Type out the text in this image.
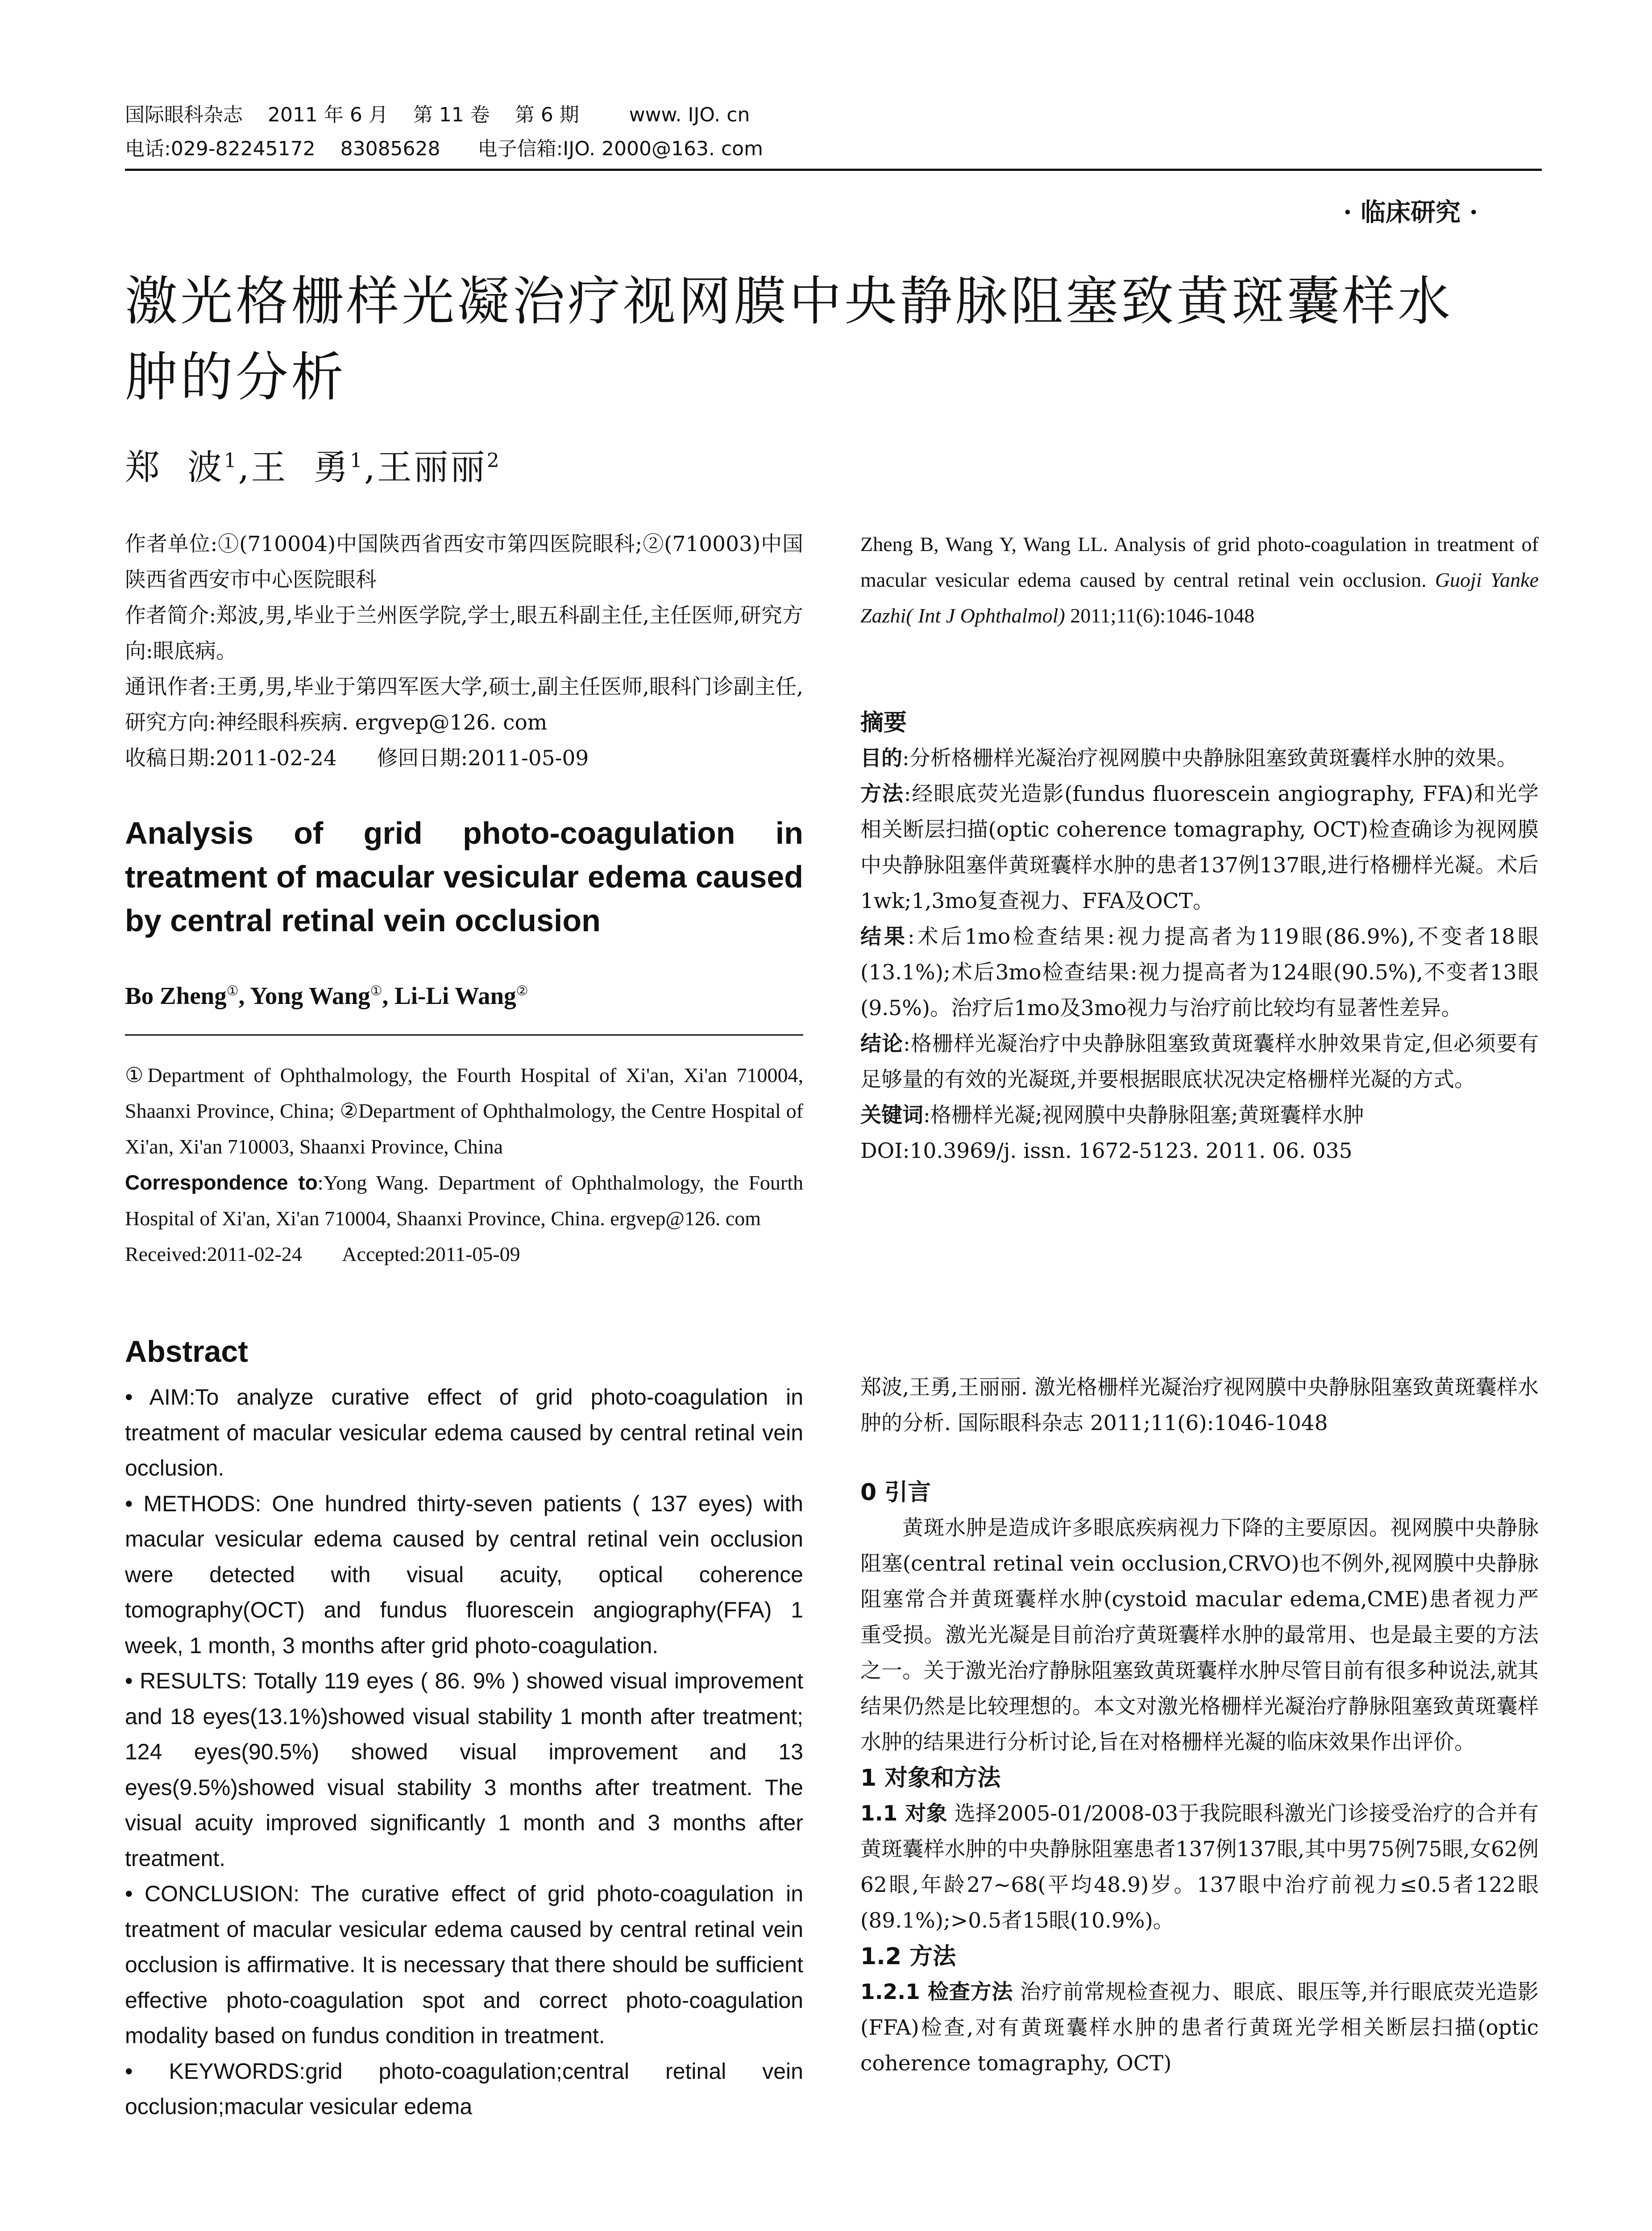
国际眼科杂志    2011 年 6 月    第 11 卷    第 6 期        www. IJO. cn
电话:029-82245172    83085628      电子信箱:IJO. 2000@163. com
· 临床研究 ·
激光格栅样光凝治疗视网膜中央静脉阻塞致黄斑囊样水
肿的分析
郑  波$^1$,王  勇$^1$,王丽丽$^2$

作者单位:①(710004)中国陕西省西安市第四医院眼科;②(710003)中国陕西省西安市中心医院眼科

作者简介:郑波,男,毕业于兰州医学院,学士,眼五科副主任,主任医师,研究方向:眼底病。

通讯作者:王勇,男,毕业于第四军医大学,硕士,副主任医师,眼科门诊副主任,研究方向:神经眼科疾病. ergvep@126. com

收稿日期:2011-02-24      修回日期:2011-05-09

Analysis of grid photo-coagulation in treatment of macular vesicular edema caused by central retinal vein occlusion
Bo Zheng①, Yong Wang①, Li-Li Wang②

①Department of Ophthalmology, the Fourth Hospital of Xi'an, Xi'an 710004, Shaanxi Province, China; ②Department of Ophthalmology, the Centre Hospital of Xi'an, Xi'an 710003, Shaanxi Province, China

Correspondence to:Yong Wang. Department of Ophthalmology, the Fourth Hospital of Xi'an, Xi'an 710004, Shaanxi Province, China. ergvep@126. com

Received:2011-02-24        Accepted:2011-05-09

Abstract

• AIM:To analyze curative effect of grid photo-coagulation in treatment of macular vesicular edema caused by central retinal vein occlusion.

• METHODS: One hundred thirty-seven patients ( 137 eyes) with macular vesicular edema caused by central retinal vein occlusion were detected with visual acuity, optical coherence tomography(OCT) and fundus fluorescein angiography(FFA) 1 week, 1 month, 3 months after grid photo-coagulation.

• RESULTS: Totally 119 eyes ( 86. 9% ) showed visual improvement and 18 eyes(13.1%)showed visual stability 1 month after treatment; 124 eyes(90.5%) showed visual improvement and 13 eyes(9.5%)showed visual stability 3 months after treatment. The visual acuity improved significantly 1 month and 3 months after treatment.

• CONCLUSION: The curative effect of grid photo-coagulation in treatment of macular vesicular edema caused by central retinal vein occlusion is affirmative. It is necessary that there should be sufficient effective photo-coagulation spot and correct photo-coagulation modality based on fundus condition in treatment.

• KEYWORDS:grid photo-coagulation;central retinal vein occlusion;macular vesicular edema

Zheng B, Wang Y, Wang LL. Analysis of grid photo-coagulation in treatment of macular vesicular edema caused by central retinal vein occlusion. Guoji Yanke Zazhi( Int J Ophthalmol) 2011;11(6):1046-1048

摘要

目的:分析格栅样光凝治疗视网膜中央静脉阻塞致黄斑囊样水肿的效果。

方法:经眼底荧光造影(fundus fluorescein angiography, FFA)和光学相关断层扫描(optic coherence tomagraphy, OCT)检查确诊为视网膜中央静脉阻塞伴黄斑囊样水肿的患者137例137眼,进行格栅样光凝。术后1wk;1,3mo复查视力、FFA及OCT。

结果:术后1mo检查结果:视力提高者为119眼(86.9%),不变者18眼(13.1%);术后3mo检查结果:视力提高者为124眼(90.5%),不变者13眼(9.5%)。治疗后1mo及3mo视力与治疗前比较均有显著性差异。

结论:格栅样光凝治疗中央静脉阻塞致黄斑囊样水肿效果肯定,但必须要有足够量的有效的光凝斑,并要根据眼底状况决定格栅样光凝的方式。

关键词:格栅样光凝;视网膜中央静脉阻塞;黄斑囊样水肿

DOI:10.3969/j. issn. 1672-5123. 2011. 06. 035

郑波,王勇,王丽丽. 激光格栅样光凝治疗视网膜中央静脉阻塞致黄斑囊样水肿的分析. 国际眼科杂志 2011;11(6):1046-1048

0 引言

黄斑水肿是造成许多眼底疾病视力下降的主要原因。视网膜中央静脉阻塞(central retinal vein occlusion,CRVO)也不例外,视网膜中央静脉阻塞常合并黄斑囊样水肿(cystoid macular edema,CME)患者视力严重受损。激光光凝是目前治疗黄斑囊样水肿的最常用、也是最主要的方法之一。关于激光治疗静脉阻塞致黄斑囊样水肿尽管目前有很多种说法,就其结果仍然是比较理想的。本文对激光格栅样光凝治疗静脉阻塞致黄斑囊样水肿的结果进行分析讨论,旨在对格栅样光凝的临床效果作出评价。

1 对象和方法

1.1 对象 选择2005-01/2008-03于我院眼科激光门诊接受治疗的合并有黄斑囊样水肿的中央静脉阻塞患者137例137眼,其中男75例75眼,女62例62眼,年龄27~68(平均48.9)岁。137眼中治疗前视力≤0.5者122眼(89.1%);>0.5者15眼(10.9%)。

1.2 方法

1.2.1 检查方法 治疗前常规检查视力、眼底、眼压等,并行眼底荧光造影(FFA)检查,对有黄斑囊样水肿的患者行黄斑光学相关断层扫描(optic coherence tomagraphy, OCT)
